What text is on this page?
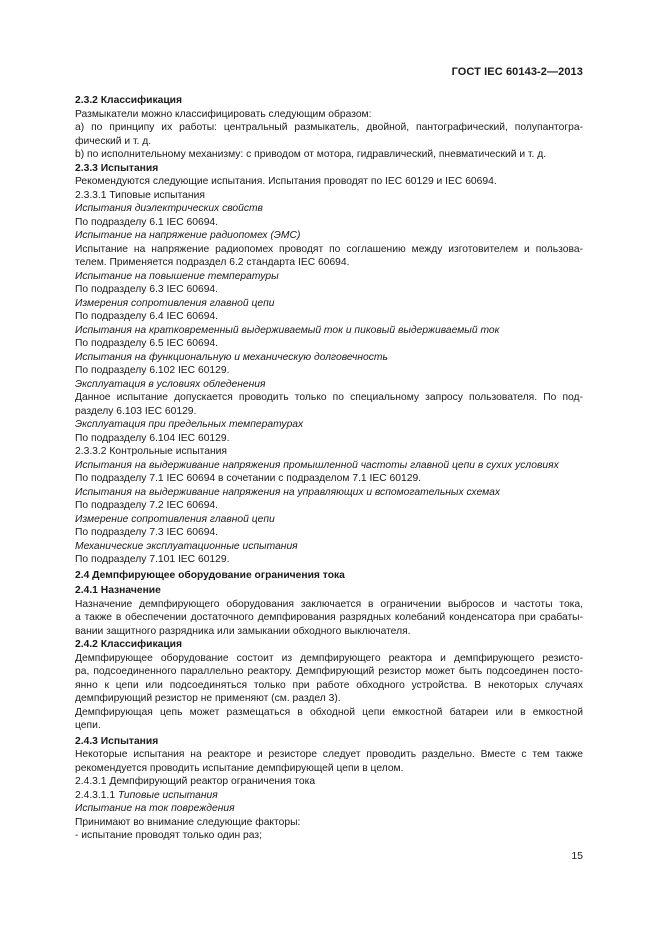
ГОСТ IEC 60143-2—2013

2.3.2 Классификация

Размыкатели можно классифицировать следующим образом:

а) по принципу их работы: центральный размыкатель, двойной, пантографический, полупантогра-

фический и т. д.

b) по исполнительному механизму: с приводом от мотора, гидравлический, пневматический и т. д.

2.3.3 Испытания

Рекомендуются следующие испытания. Испытания проводят по IEC 60129 и IEC 60694.

2.3.3.1 Типовые испытания

Испытания диэлектрических свойств

По подразделу 6.1 IEC 60694.

Испытание на напряжение радиопомех (ЭМС)

Испытание на напряжение радиопомех проводят по соглашению между изготовителем и пользова-

телем. Применяется подраздел 6.2 стандарта IEC 60694.

Испытание на повышение температуры

По подразделу 6.3 IEC 60694.

Измерения сопротивления главной цепи

По подразделу 6.4 IEC 60694.

Испытания на кратковременный выдерживаемый ток и пиковый выдерживаемый ток

По подразделу 6.5 IEC 60694.

Испытания на функциональную и механическую долговечность

По подразделу 6.102 IEC 60129.

Эксплуатация в условиях обледенения

Данное испытание допускается проводить только по специальному запросу пользователя. По под-

разделу 6.103 IEC 60129.

Эксплуатация при предельных температурах

По подразделу 6.104 IEC 60129.

2.3.3.2 Контрольные испытания

Испытания на выдерживание напряжения промышленной частоты главной цепи в сухих условиях

По подразделу 7.1 IEC 60694 в сочетании с подразделом 7.1 IEC 60129.

Испытания на выдерживание напряжения на управляющих и вспомогательных схемах

По подразделу 7.2 IEC 60694.

Измерение сопротивления главной цепи

По подразделу 7.3 IEC 60694.

Механические эксплуатационные испытания

По подразделу 7.101 IEC 60129.

2.4 Демпфирующее оборудование ограничения тока

2.4.1 Назначение

Назначение демпфирующего оборудования заключается в ограничении выбросов и частоты тока,

а также в обеспечении достаточного демпфирования разрядных колебаний конденсатора при срабаты-

вании защитного разрядника или замыкании обходного выключателя.

2.4.2 Классификация

Демпфирующее оборудование состоит из демпфирующего реактора и демпфирующего резисто-

ра, подсоединенного параллельно реактору. Демпфирующий резистор может быть подсоединен посто-

янно к цепи или подсоединяться только при работе обходного устройства. В некоторых случаях

демпфирующий резистор не применяют (см. раздел 3).

Демпфирующая цепь может размещаться в обходной цепи емкостной батареи или в емкостной

цепи.

2.4.3 Испытания

Некоторые испытания на реакторе и резисторе следует проводить раздельно. Вместе с тем также

рекомендуется проводить испытание демпфирующей цепи в целом.

2.4.3.1 Демпфирующий реактор ограничения тока

2.4.3.1.1 Типовые испытания

Испытание на ток повреждения

Принимают во внимание следующие факторы:

- испытание проводят только один раз;

15
